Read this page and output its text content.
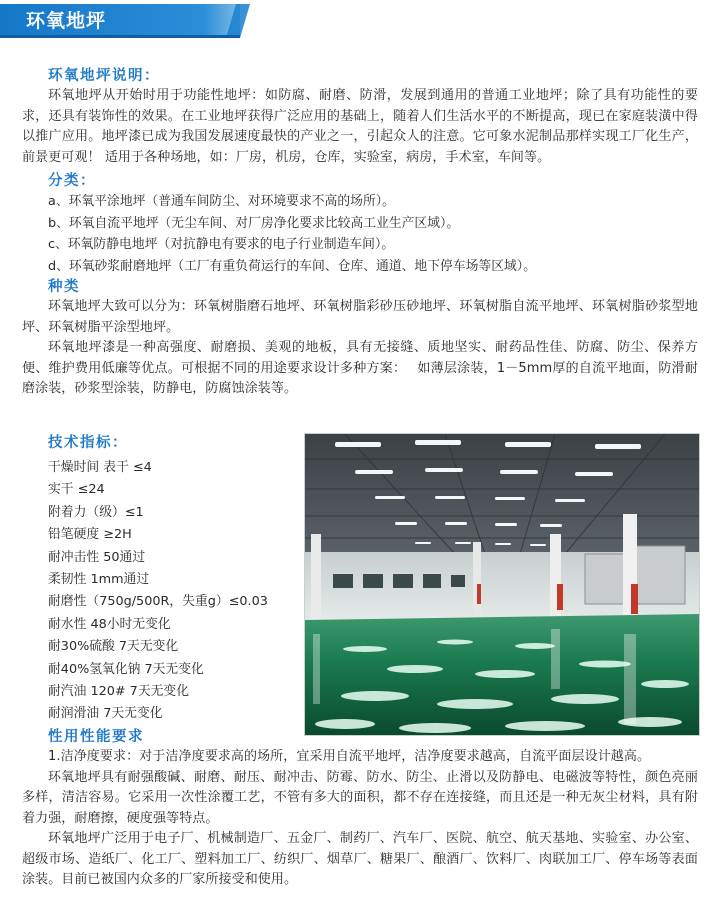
环氧地坪
环氧地坪说明：

环氧地坪从开始时用于功能性地坪：如防腐、耐磨、防滑，发展到通用的普通工业地坪；除了具有功能性的要求，还具有装饰性的效果。在工业地坪获得广泛应用的基础上，随着人们生活水平的不断提高，现已在家庭装潢中得以推广应用。地坪漆已成为我国发展速度最快的产业之一，引起众人的注意。它可象水泥制品那样实现工厂化生产，前景更可观！ 适用于各种场地，如：厂房，机房，仓库，实验室，病房，手术室，车间等。

分类：
a、环氧平涂地坪（普通车间防尘、对环境要求不高的场所）。
b、环氧自流平地坪（无尘车间、对厂房净化要求比较高工业生产区域）。
c、环氧防静电地坪（对抗静电有要求的电子行业制造车间）。
d、环氧砂浆耐磨地坪（工厂有重负荷运行的车间、仓库、通道、地下停车场等区域）。
种类

环氧地坪大致可以分为：环氧树脂磨石地坪、环氧树脂彩砂压砂地坪、环氧树脂自流平地坪、环氧树脂砂浆型地坪、环氧树脂平涂型地坪。

环氧地坪漆是一种高强度、耐磨损、美观的地板，具有无接缝、质地坚实、耐药品性佳、防腐、防尘、保养方便、维护费用低廉等优点。可根据不同的用途要求设计多种方案：　 如薄层涂装，1－5mm厚的自流平地面，防滑耐磨涂装，砂浆型涂装，防静电，防腐蚀涂装等。

技术指标：
干燥时间 表干 ≤4
实干 ≤24
附着力（级）≤1
铅笔硬度 ≥2H
耐冲击性 50通过
柔韧性 1mm通过
耐磨性（750g/500R，失重g）≤0.03
耐水性 48小时无变化
耐30%硫酸 7天无变化
耐40%氢氧化钠 7天无变化
耐汽油 120# 7天无变化
耐润滑油 7天无变化
性用性能要求

1.洁净度要求：对于洁净度要求高的场所，宜采用自流平地坪，洁净度要求越高，自流平面层设计越高。

环氧地坪具有耐强酸碱、耐磨、耐压、耐冲击、防霉、防水、防尘、止滑以及防静电、电磁波等特性，颜色亮丽多样，清洁容易。它采用一次性涂覆工艺，不管有多大的面积，都不存在连接缝，而且还是一种无灰尘材料，具有附着力强，耐磨擦，硬度强等特点。

环氧地坪广泛用于电子厂、机械制造厂、五金厂、制药厂、汽车厂、医院、航空、航天基地、实验室、办公室、超级市场、造纸厂、化工厂、塑料加工厂、纺织厂、烟草厂、糖果厂、酿酒厂、饮料厂、肉联加工厂、停车场等表面涂装。目前已被国内众多的厂家所接受和使用。
